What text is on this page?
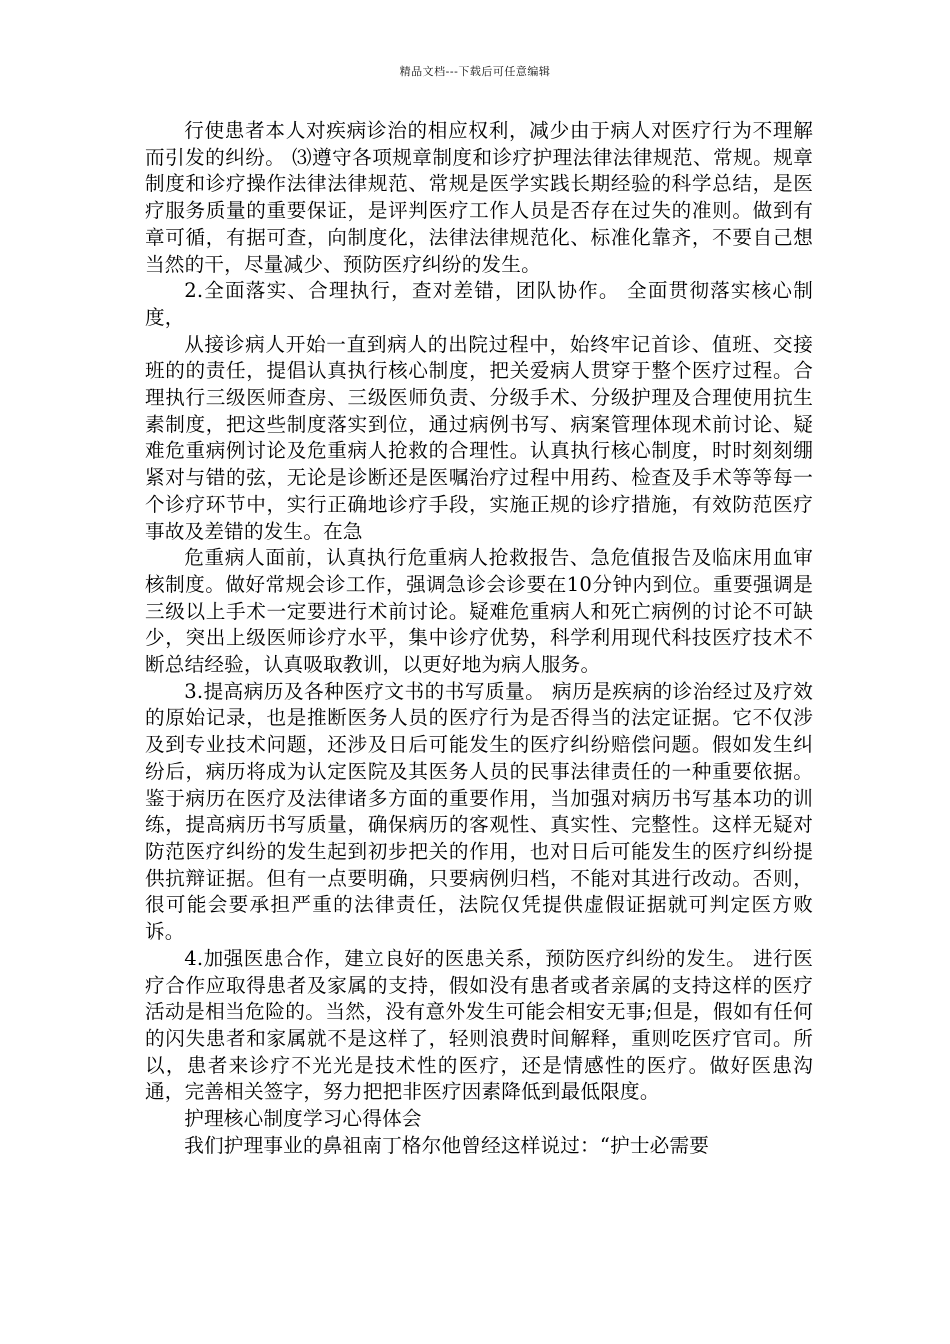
精品文档---下载后可任意编辑

行使患者本人对疾病诊治的相应权利，减少由于病人对医疗行为不理解而引发的纠纷。 ⑶遵守各项规章制度和诊疗护理法律法律规范、常规。规章制度和诊疗操作法律法律规范、常规是医学实践长期经验的科学总结，是医疗服务质量的重要保证，是评判医疗工作人员是否存在过失的准则。做到有章可循，有据可查，向制度化，法律法律规范化、标准化靠齐，不要自己想当然的干，尽量减少、预防医疗纠纷的发生。

2.全面落实、合理执行，查对差错，团队协作。 全面贯彻落实核心制度，

从接诊病人开始一直到病人的出院过程中，始终牢记首诊、值班、交接班的的责任，提倡认真执行核心制度，把关爱病人贯穿于整个医疗过程。合理执行三级医师查房、三级医师负责、分级手术、分级护理及合理使用抗生素制度，把这些制度落实到位，通过病例书写、病案管理体现术前讨论、疑难危重病例讨论及危重病人抢救的合理性。认真执行核心制度，时时刻刻绷紧对与错的弦，无论是诊断还是医嘱治疗过程中用药、检查及手术等等每一个诊疗环节中，实行正确地诊疗手段，实施正规的诊疗措施，有效防范医疗事故及差错的发生。在急

危重病人面前，认真执行危重病人抢救报告、急危值报告及临床用血审核制度。做好常规会诊工作，强调急诊会诊要在10分钟内到位。重要强调是三级以上手术一定要进行术前讨论。疑难危重病人和死亡病例的讨论不可缺少，突出上级医师诊疗水平，集中诊疗优势，科学利用现代科技医疗技术不断总结经验，认真吸取教训，以更好地为病人服务。

3.提高病历及各种医疗文书的书写质量。 病历是疾病的诊治经过及疗效的原始记录，也是推断医务人员的医疗行为是否得当的法定证据。它不仅涉及到专业技术问题，还涉及日后可能发生的医疗纠纷赔偿问题。假如发生纠纷后，病历将成为认定医院及其医务人员的民事法律责任的一种重要依据。鉴于病历在医疗及法律诸多方面的重要作用，当加强对病历书写基本功的训练，提高病历书写质量，确保病历的客观性、真实性、完整性。这样无疑对防范医疗纠纷的发生起到初步把关的作用，也对日后可能发生的医疗纠纷提供抗辩证据。但有一点要明确，只要病例归档，不能对其进行改动。否则，很可能会要承担严重的法律责任，法院仅凭提供虚假证据就可判定医方败诉。

4.加强医患合作，建立良好的医患关系，预防医疗纠纷的发生。 进行医疗合作应取得患者及家属的支持，假如没有患者或者亲属的支持这样的医疗活动是相当危险的。当然，没有意外发生可能会相安无事;但是，假如有任何的闪失患者和家属就不是这样了，轻则浪费时间解释，重则吃医疗官司。所以，患者来诊疗不光光是技术性的医疗，还是情感性的医疗。做好医患沟通，完善相关签字，努力把把非医疗因素降低到最低限度。

护理核心制度学习心得体会

我们护理事业的鼻祖南丁格尔他曾经这样说过：“护士必需要
